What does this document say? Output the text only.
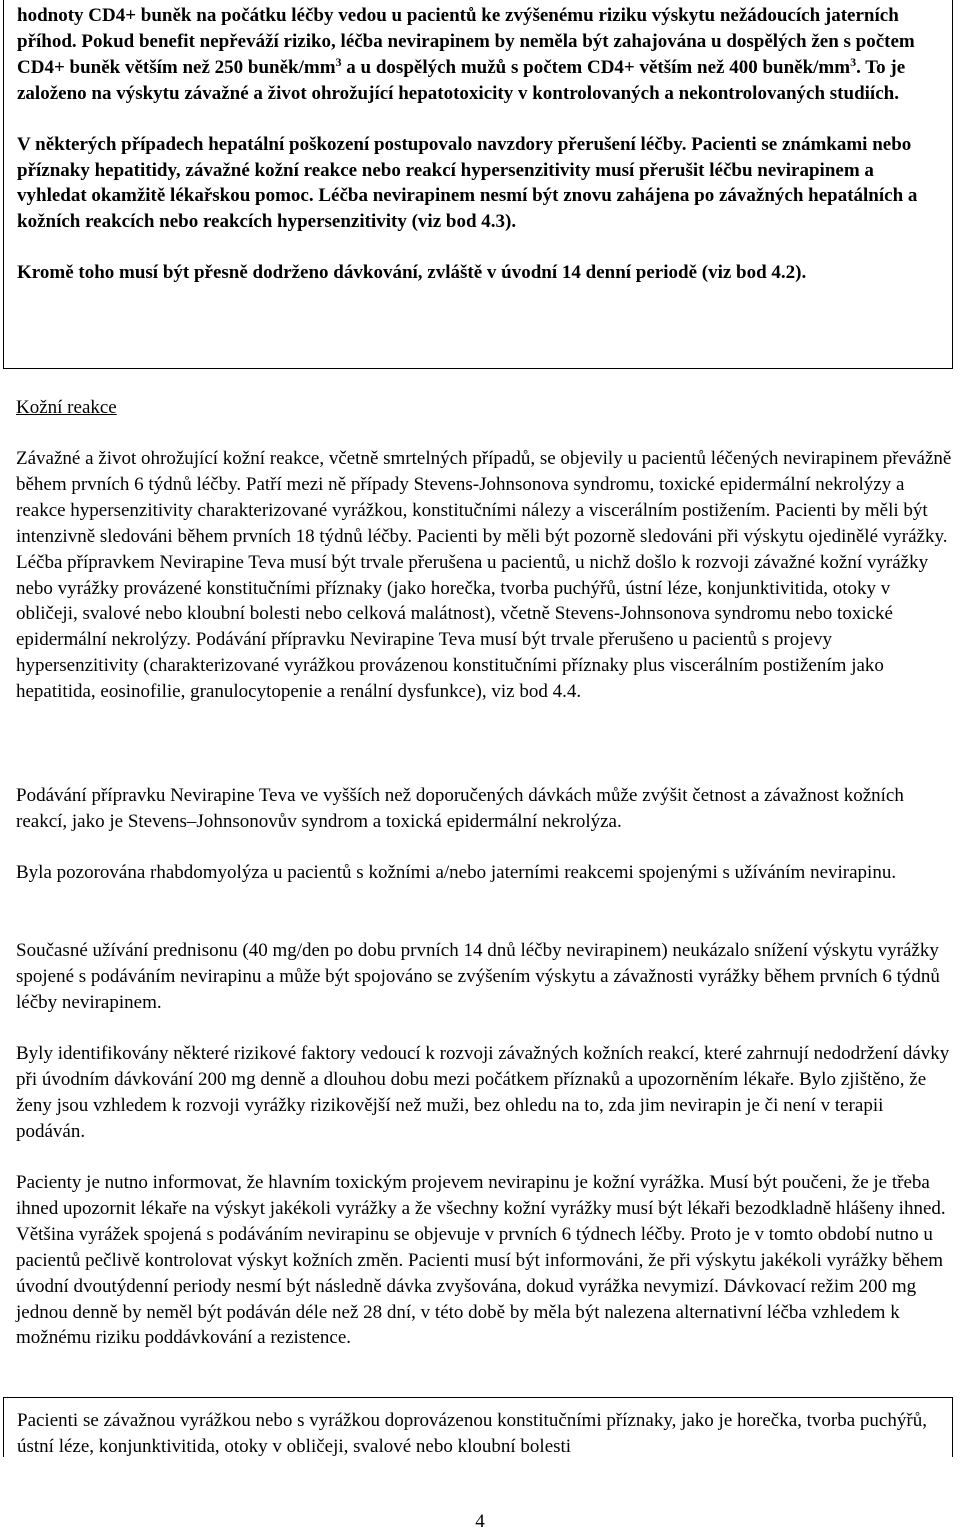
hodnoty CD4+ buněk na počátku léčby vedou u pacientů ke zvýšenému riziku výskytu nežádoucích jaterních příhod. Pokud benefit nepřeváží riziko, léčba nevirapinem by neměla být zahajována u dospělých žen s počtem CD4+ buněk větším než 250 buněk/$mm^3$ a u dospělých mužů s počtem CD4+ větším než 400 buněk/$mm^3$. To je založeno na výskytu závažné a život ohrožující hepatotoxicity v kontrolovaných a nekontrolovaných studiích.

V některých případech hepatální poškození postupovalo navzdory přerušení léčby. Pacienti se známkami nebo příznaky hepatitidy, závažné kožní reakce nebo reakcí hypersenzitivity musí přerušit léčbu nevirapinem a vyhledat okamžitě lékařskou pomoc. Léčba nevirapinem nesmí být znovu zahájena po závažných hepatálních a kožních reakcích nebo reakcích hypersenzitivity (viz bod 4.3).

Kromě toho musí být přesně dodrženo dávkování, zvláště v úvodní 14 denní periodě (viz bod 4.2).

Kožní reakce

Závažné a život ohrožující kožní reakce, včetně smrtelných případů, se objevily u pacientů léčených nevirapinem převážně během prvních 6 týdnů léčby. Patří mezi ně případy Stevens-Johnsonova syndromu, toxické epidermální nekrolýzy a reakce hypersenzitivity charakterizované vyrážkou, konstitučními nálezy a viscerálním postižením. Pacienti by měli být intenzivně sledováni během prvních 18 týdnů léčby. Pacienti by měli být pozorně sledováni při výskytu ojedinělé vyrážky. Léčba přípravkem Nevirapine Teva musí být trvale přerušena u pacientů, u nichž došlo k rozvoji závažné kožní vyrážky nebo vyrážky provázené konstitučními příznaky (jako horečka, tvorba puchýřů, ústní léze, konjunktivitida, otoky v obličeji, svalové nebo kloubní bolesti nebo celková malátnost), včetně Stevens-Johnsonova syndromu nebo toxické epidermální nekrolýzy. Podávání přípravku Nevirapine Teva musí být trvale přerušeno u pacientů s projevy hypersenzitivity (charakterizované vyrážkou provázenou konstitučními příznaky plus viscerálním postižením jako hepatitida, eosinofilie, granulocytopenie a renální dysfunkce), viz bod 4.4.

Podávání přípravku Nevirapine Teva ve vyšších než doporučených dávkách může zvýšit četnost a závažnost kožních reakcí, jako je Stevens–Johnsonovův syndrom a toxická epidermální nekrolýza.

Byla pozorována rhabdomyolýza u pacientů s kožními a/nebo jaterními reakcemi spojenými s užíváním nevirapinu.

Současné užívání prednisonu (40 mg/den po dobu prvních 14 dnů léčby nevirapinem) neukázalo snížení výskytu vyrážky spojené s podáváním nevirapinu a může být spojováno se zvýšením výskytu a závažnosti vyrážky během prvních 6 týdnů léčby nevirapinem.

Byly identifikovány některé rizikové faktory vedoucí k rozvoji závažných kožních reakcí, které zahrnují nedodržení dávky při úvodním dávkování 200 mg denně a dlouhou dobu mezi počátkem příznaků a upozorněním lékaře. Bylo zjištěno, že ženy jsou vzhledem k rozvoji vyrážky rizikovější než muži, bez ohledu na to, zda jim nevirapin je či není v terapii podáván.

Pacienty je nutno informovat, že hlavním toxickým projevem nevirapinu je kožní vyrážka. Musí být poučeni, že je třeba ihned upozornit lékaře na výskyt jakékoli vyrážky a že všechny kožní vyrážky musí být lékaři bezodkladně hlášeny ihned. Většina vyrážek spojená s podáváním nevirapinu se objevuje v prvních 6 týdnech léčby. Proto je v tomto období nutno u pacientů pečlivě kontrolovat výskyt kožních změn. Pacienti musí být informováni, že při výskytu jakékoli vyrážky během úvodní dvoutýdenní periody nesmí být následně dávka zvyšována, dokud vyrážka nevymizí. Dávkovací režim 200 mg jednou denně by neměl být podáván déle než 28 dní, v této době by měla být nalezena alternativní léčba vzhledem k možnému riziku poddávkování a rezistence.

Pacienti se závažnou vyrážkou nebo s vyrážkou doprovázenou konstitučními příznaky, jako je horečka, tvorba puchýřů, ústní léze, konjunktivitida, otoky v obličeji, svalové nebo kloubní bolesti

4
